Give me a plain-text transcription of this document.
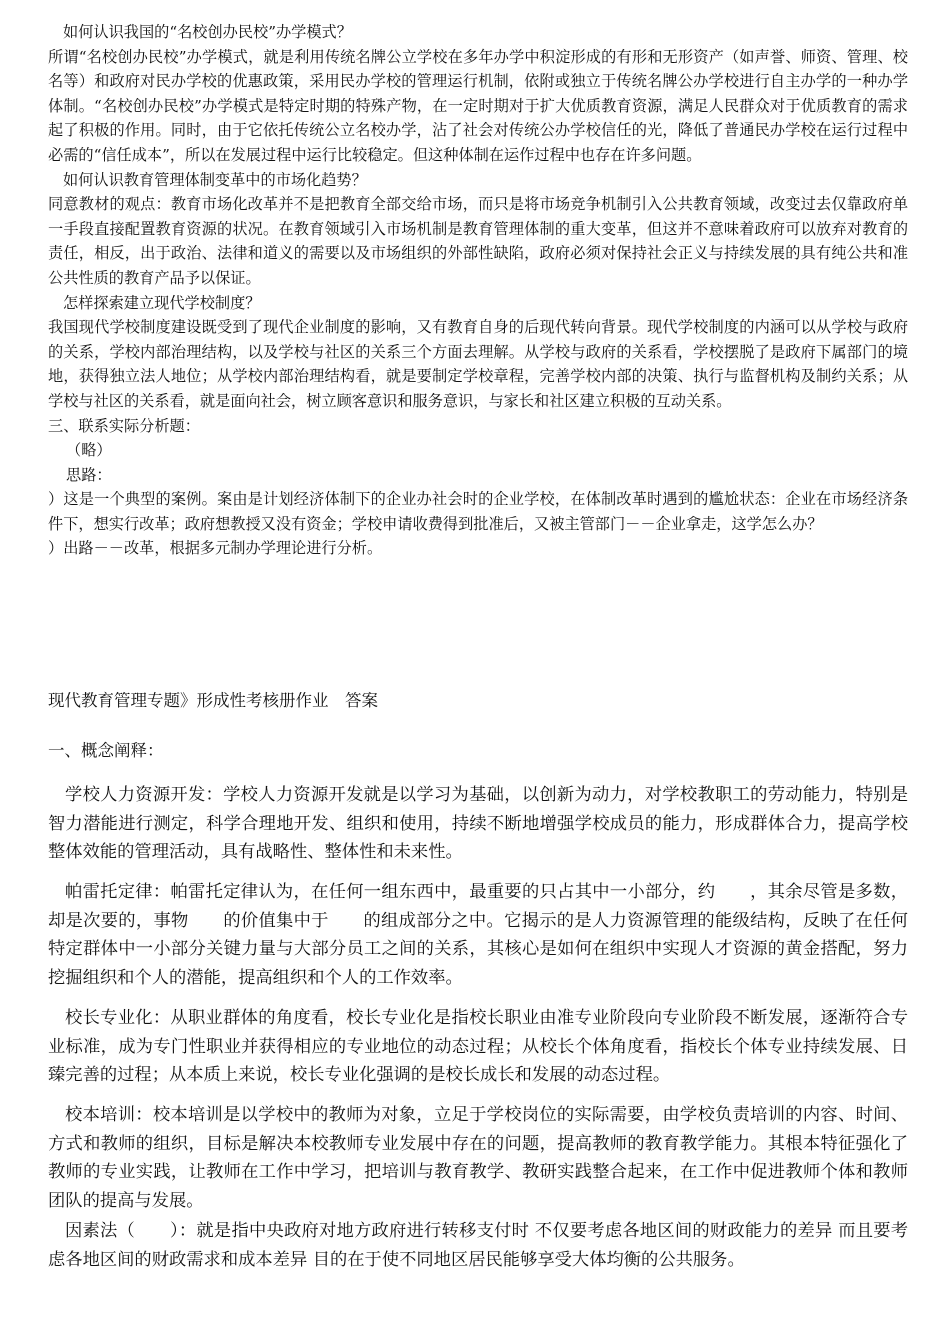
如何认识我国的“名校创办民校”办学模式？

所谓“名校创办民校”办学模式，就是利用传统名牌公立学校在多年办学中积淀形成的有形和无形资产（如声誉、师资、管理、校名等）和政府对民办学校的优惠政策，采用民办学校的管理运行机制，依附或独立于传统名牌公办学校进行自主办学的一种办学体制。“名校创办民校”办学模式是特定时期的特殊产物，在一定时期对于扩大优质教育资源，满足人民群众对于优质教育的需求起了积极的作用。同时，由于它依托传统公立名校办学，沾了社会对传统公办学校信任的光，降低了普通民办学校在运行过程中必需的“信任成本”，所以在发展过程中运行比较稳定。但这种体制在运作过程中也存在许多问题。

如何认识教育管理体制变革中的市场化趋势？

同意教材的观点：教育市场化改革并不是把教育全部交给市场，而只是将市场竞争机制引入公共教育领域，改变过去仅靠政府单一手段直接配置教育资源的状况。在教育领域引入市场机制是教育管理体制的重大变革，但这并不意味着政府可以放弃对教育的责任，相反，出于政治、法律和道义的需要以及市场组织的外部性缺陷，政府必须对保持社会正义与持续发展的具有纯公共和准公共性质的教育产品予以保证。

怎样探索建立现代学校制度？

我国现代学校制度建设既受到了现代企业制度的影响，又有教育自身的后现代转向背景。现代学校制度的内涵可以从学校与政府的关系，学校内部治理结构，以及学校与社区的关系三个方面去理解。从学校与政府的关系看，学校摆脱了是政府下属部门的境地，获得独立法人地位；从学校内部治理结构看，就是要制定学校章程，完善学校内部的决策、执行与监督机构及制约关系；从学校与社区的关系看，就是面向社会，树立顾客意识和服务意识，与家长和社区建立积极的互动关系。

三、联系实际分析题：

（略）

思路：

）这是一个典型的案例。案由是计划经济体制下的企业办社会时的企业学校，在体制改革时遇到的尴尬状态：企业在市场经济条件下，想实行改革；政府想教授又没有资金；学校申请收费得到批准后，又被主管部门－－企业拿走，这学怎么办？

）出路－－改革，根据多元制办学理论进行分析。

现代教育管理专题》形成性考核册作业　答案

一、概念阐释：

学校人力资源开发：学校人力资源开发就是以学习为基础，以创新为动力，对学校教职工的劳动能力，特别是智力潜能进行测定，科学合理地开发、组织和使用，持续不断地增强学校成员的能力，形成群体合力，提高学校整体效能的管理活动，具有战略性、整体性和未来性。

帕雷托定律：帕雷托定律认为，在任何一组东西中，最重要的只占其中一小部分，约 ，其余尽管是多数，却是次要的，事物 的价值集中于 的组成部分之中。它揭示的是人力资源管理的能级结构，反映了在任何特定群体中一小部分关键力量与大部分员工之间的关系，其核心是如何在组织中实现人才资源的黄金搭配，努力挖掘组织和个人的潜能，提高组织和个人的工作效率。

校长专业化：从职业群体的角度看，校长专业化是指校长职业由准专业阶段向专业阶段不断发展，逐渐符合专业标准，成为专门性职业并获得相应的专业地位的动态过程；从校长个体角度看，指校长个体专业持续发展、日臻完善的过程；从本质上来说，校长专业化强调的是校长成长和发展的动态过程。

校本培训：校本培训是以学校中的教师为对象，立足于学校岗位的实际需要，由学校负责培训的内容、时间、方式和教师的组织，目标是解决本校教师专业发展中存在的问题，提高教师的教育教学能力。其根本特征强化了教师的专业实践，让教师在工作中学习，把培训与教育教学、教研实践整合起来，在工作中促进教师个体和教师团队的提高与发展。

因素法（　　）：就是指中央政府对地方政府进行转移支付时 不仅要考虑各地区间的财政能力的差异 而且要考虑各地区间的财政需求和成本差异 目的在于使不同地区居民能够享受大体均衡的公共服务。
